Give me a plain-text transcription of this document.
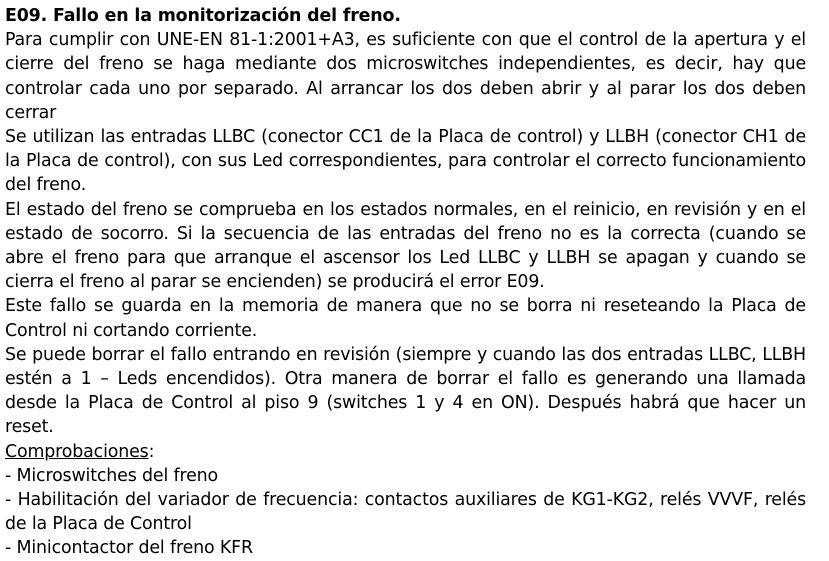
E09. Fallo en la monitorización del freno.

Para cumplir con UNE-EN 81-1:2001+A3, es suficiente con que el control de la apertura y el cierre del freno se haga mediante dos microswitches independientes, es decir, hay que controlar cada uno por separado. Al arrancar los dos deben abrir y al parar los dos deben cerrar

Se utilizan las entradas LLBC (conector CC1 de la Placa de control) y LLBH (conector CH1 de la Placa de control), con sus Led correspondientes, para controlar el correcto funcionamiento del freno.

El estado del freno se comprueba en los estados normales, en el reinicio, en revisión y en el estado de socorro. Si la secuencia de las entradas del freno no es la correcta (cuando se abre el freno para que arranque el ascensor los Led LLBC y LLBH se apagan y cuando se cierra el freno al parar se encienden) se producirá el error E09.

Este fallo se guarda en la memoria de manera que no se borra ni reseteando la Placa de Control ni cortando corriente.

Se puede borrar el fallo entrando en revisión (siempre y cuando las dos entradas LLBC, LLBH estén a 1 – Leds encendidos). Otra manera de borrar el fallo es generando una llamada desde la Placa de Control al piso 9 (switches 1 y 4 en ON). Después habrá que hacer un reset.

Comprobaciones:

- Microswitches del freno

- Habilitación del variador de frecuencia: contactos auxiliares de KG1-KG2, relés VVVF, relés de la Placa de Control

- Minicontactor del freno KFR
